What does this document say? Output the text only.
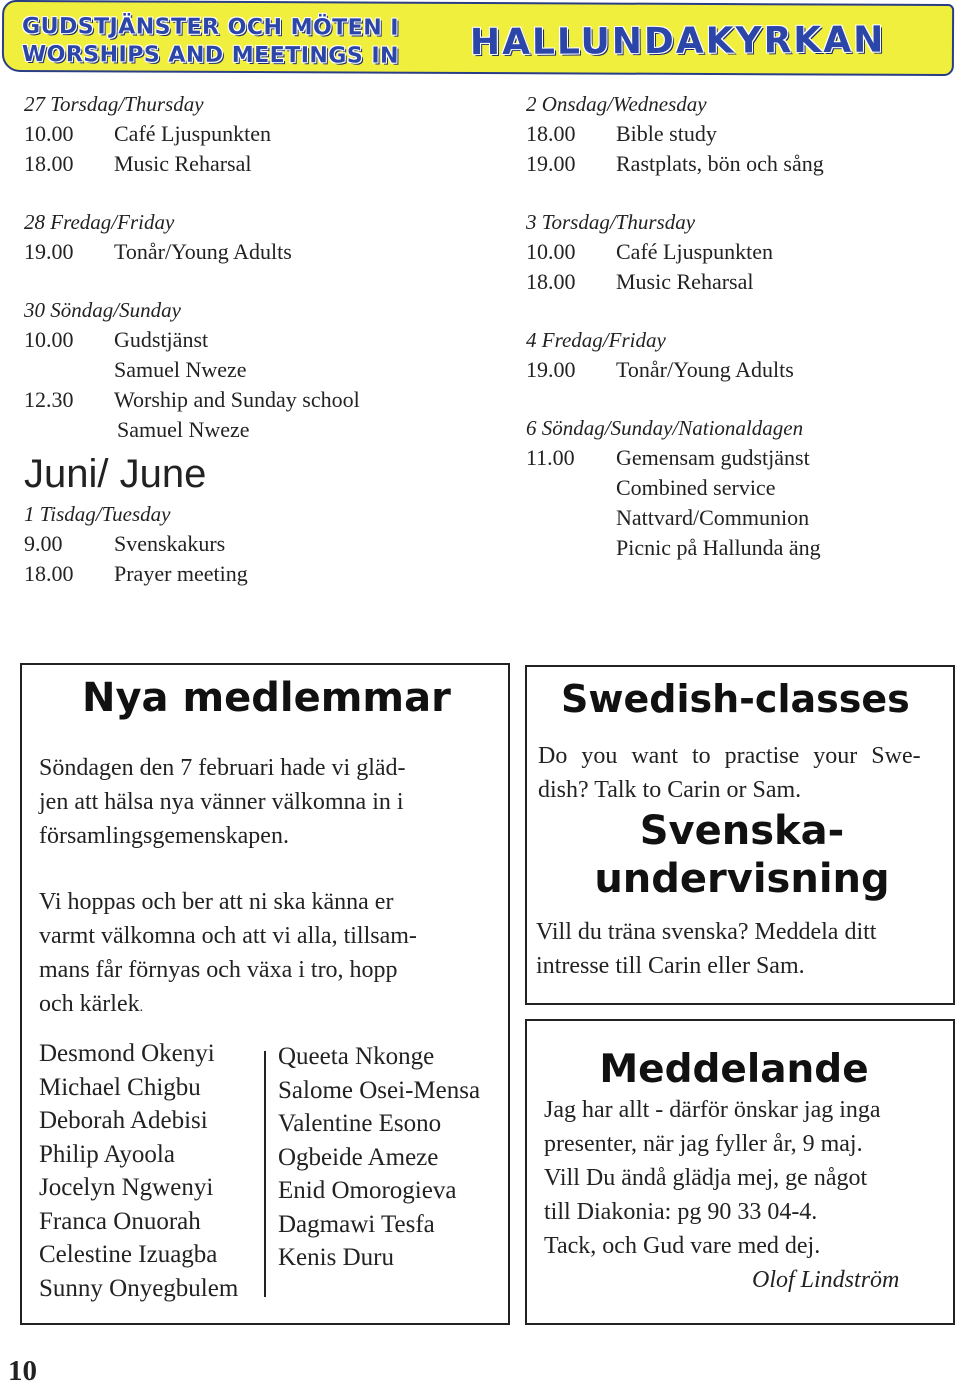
GUDSTJÄNSTER OCH MÖTEN I
WORSHIPS AND MEETINGS IN HALLUNDAKYRKAN
27 Torsdag/Thursday
10.00	Café Ljuspunkten
18.00	Music Reharsal
28 Fredag/Friday
19.00	Tonår/Young Adults
30 Söndag/Sunday
10.00	Gudstjänst
Samuel Nweze
12.30	Worship and Sunday school
Samuel Nweze
Juni/ June
1 Tisdag/Tuesday
9.00	Svenskakurs
18.00	Prayer meeting
2 Onsdag/Wednesday
18.00	Bible study
19.00	Rastplats, bön och sång
3 Torsdag/Thursday
10.00	Café Ljuspunkten
18.00	Music Reharsal
4 Fredag/Friday
19.00	Tonår/Young Adults
6 Söndag/Sunday/Nationaldagen
11.00	Gemensam gudstjänst
Combined service
Nattvard/Communion
Picnic på Hallunda äng
Nya medlemmar
Söndagen den 7 februari hade vi gläd-
jen att hälsa nya vänner välkomna in i
församlingsgemenskapen.
Vi hoppas och ber att ni ska känna er
varmt välkomna och att vi alla, tillsam-
mans får förnyas och växa i tro, hopp
och kärlek.
Desmond Okenyi
Michael Chigbu
Deborah Adebisi
Philip Ayoola
Jocelyn Ngwenyi
Franca Onuorah
Celestine Izuagba
Sunny Onyegbulem
Queeta Nkonge
Salome Osei-Mensa
Valentine Esono
Ogbeide Ameze
Enid Omorogieva
Dagmawi Tesfa
Kenis Duru
Swedish-classes
Do you want to practise your Swe-
dish? Talk to Carin or Sam.
Svenska-
undervisning
Vill du träna svenska? Meddela ditt
intresse till Carin eller Sam.
Meddelande
Jag har allt - därför önskar jag inga
presenter, när jag fyller år, 9 maj.
Vill Du ändå glädja mej, ge något
till Diakonia: pg 90 33 04-4.
Tack, och Gud vare med dej.
Olof Lindström
10
